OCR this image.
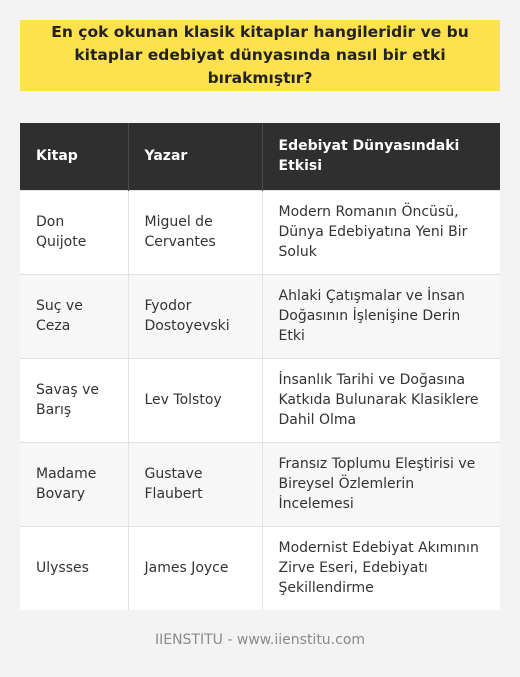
En çok okunan klasik kitaplar hangileridir ve bu kitaplar edebiyat dünyasında nasıl bir etki bırakmıştır?
Kitap	Yazar	Edebiyat Dünyasındaki Etkisi
Don Quijote	Miguel de Cervantes	Modern Romanın Öncüsü, Dünya Edebiyatına Yeni Bir Soluk
Suç ve Ceza	Fyodor Dostoyevski	Ahlaki Çatışmalar ve İnsan Doğasının İşlenişine Derin Etki
Savaş ve Barış	Lev Tolstoy	İnsanlık Tarihi ve Doğasına Katkıda Bulunarak Klasiklere Dahil Olma
Madame Bovary	Gustave Flaubert	Fransız Toplumu Eleştirisi ve Bireysel Özlemlerin İncelemesi
Ulysses	James Joyce	Modernist Edebiyat Akımının Zirve Eseri, Edebiyatı Şekillendirme
IIENSTITU - www.iienstitu.com
